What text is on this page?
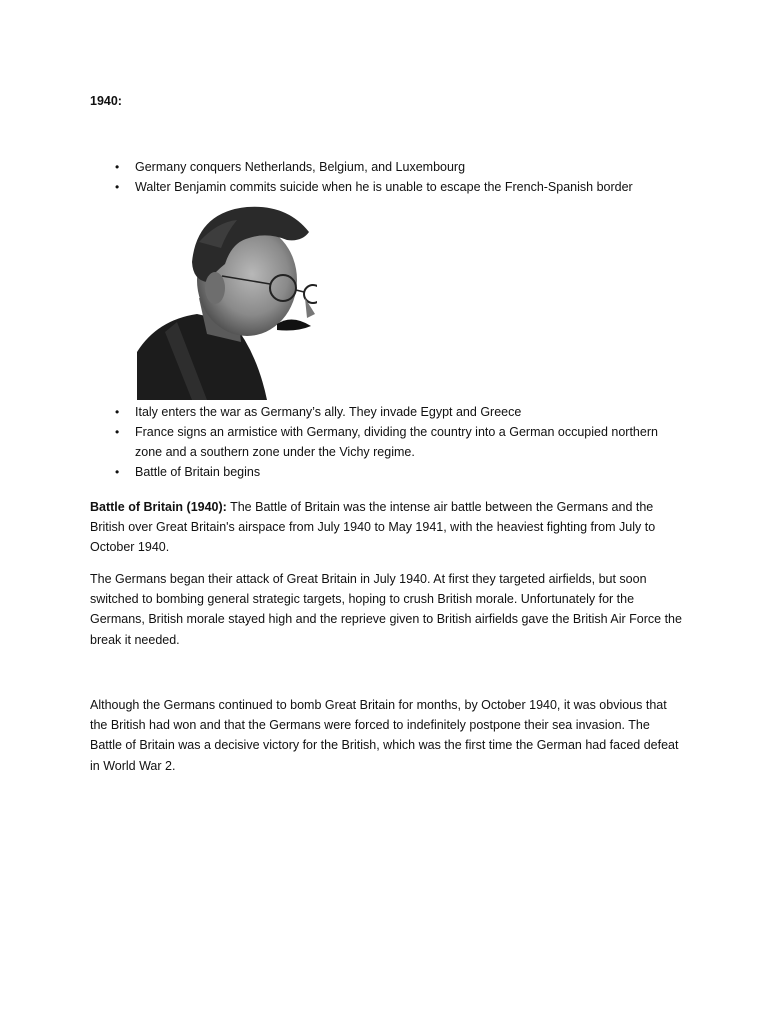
1940:
• Germany conquers Netherlands, Belgium, and Luxembourg
• Walter Benjamin commits suicide when he is unable to escape the French-Spanish border
• Italy enters the war as Germany’s ally. They invade Egypt and Greece
• France signs an armistice with Germany, dividing the country into a German occupied northern zone and a southern zone under the Vichy regime.
• Battle of Britain begins

Battle of Britain (1940): The Battle of Britain was the intense air battle between the Germans and the British over Great Britain's airspace from July 1940 to May 1941, with the heaviest fighting from July to October 1940.

The Germans began their attack of Great Britain in July 1940. At first they targeted airfields, but soon switched to bombing general strategic targets, hoping to crush British morale. Unfortunately for the Germans, British morale stayed high and the reprieve given to British airfields gave the British Air Force the break it needed.

Although the Germans continued to bomb Great Britain for months, by October 1940, it was obvious that the British had won and that the Germans were forced to indefinitely postpone their sea invasion. The Battle of Britain was a decisive victory for the British, which was the first time the German had faced defeat in World War 2.
